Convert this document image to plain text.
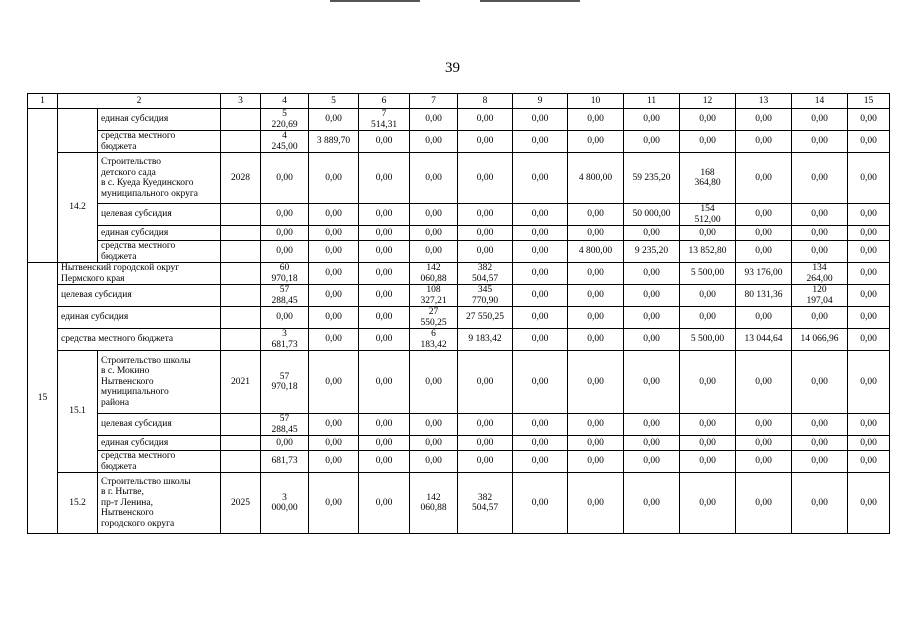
39
1	2		3	4	5	6	7	8	9	10	11	12	13	14	15
		единая субсидия		5
220,69	0,00	7
514,31	0,00	0,00	0,00	0,00	0,00	0,00	0,00	0,00	0,00
		средства местного
бюджета		4
245,00	3 889,70	0,00	0,00	0,00	0,00	0,00	0,00	0,00	0,00	0,00	0,00
	14.2	Строительство
детского сада
в с. Куеда Куединского
муниципального округа	2028	0,00	0,00	0,00	0,00	0,00	0,00	4 800,00	59 235,20	168
364,80	0,00	0,00	0,00
		целевая субсидия		0,00	0,00	0,00	0,00	0,00	0,00	0,00	50 000,00	154
512,00	0,00	0,00	0,00
		единая субсидия		0,00	0,00	0,00	0,00	0,00	0,00	0,00	0,00	0,00	0,00	0,00	0,00
		средства местного
бюджета		0,00	0,00	0,00	0,00	0,00	0,00	4 800,00	9 235,20	13 852,80	0,00	0,00	0,00
15	Нытвенский городской округ
Пермского края			60
970,18	0,00	0,00	142
060,88	382
504,57	0,00	0,00	0,00	5 500,00	93 176,00	134
264,00	0,00
	целевая субсидия			57
288,45	0,00	0,00	108
327,21	345
770,90	0,00	0,00	0,00	0,00	80 131,36	120
197,04	0,00
	единая субсидия			0,00	0,00	0,00	27
550,25	27 550,25	0,00	0,00	0,00	0,00	0,00	0,00	0,00
	средства местного бюджета			3
681,73	0,00	0,00	6
183,42	9 183,42	0,00	0,00	0,00	5 500,00	13 044,64	14 066,96	0,00
	15.1	Строительство школы
в с. Мокино
Нытвенского
муниципального
района	2021	57
970,18	0,00	0,00	0,00	0,00	0,00	0,00	0,00	0,00	0,00	0,00	0,00
		целевая субсидия		57
288,45	0,00	0,00	0,00	0,00	0,00	0,00	0,00	0,00	0,00	0,00	0,00
		единая субсидия		0,00	0,00	0,00	0,00	0,00	0,00	0,00	0,00	0,00	0,00	0,00	0,00
		средства местного
бюджета		681,73	0,00	0,00	0,00	0,00	0,00	0,00	0,00	0,00	0,00	0,00	0,00
	15.2	Строительство школы
в г. Нытве,
пр-т Ленина,
Нытвенского
городского округа	2025	3
000,00	0,00	0,00	142
060,88	382
504,57	0,00	0,00	0,00	0,00	0,00	0,00	0,00
